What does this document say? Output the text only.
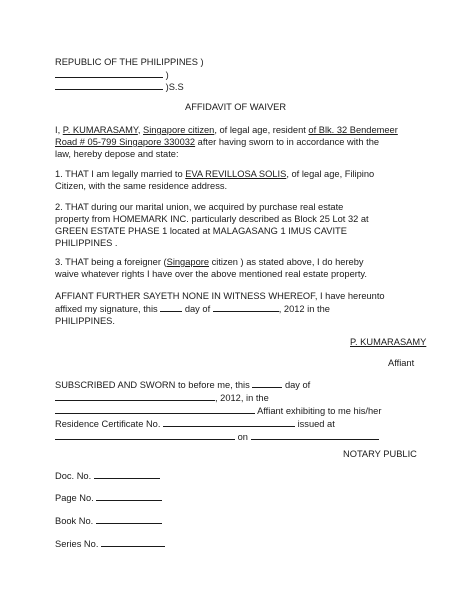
REPUBLIC OF THE PHILIPPINES )
)
)S.S
AFFIDAVIT OF WAIVER
I, P. KUMARASAMY, Singapore citizen, of legal age, resident of Blk. 32 Bendemeer
Road # 05-799 Singapore 330032 after having sworn to in accordance with the
law, hereby depose and state:
1. THAT I am legally married to EVA REVILLOSA SOLIS, of legal age, Filipino
Citizen, with the same residence address.
2. THAT during our marital union, we acquired by purchase real estate
property from HOMEMARK INC. particularly described as Block 25 Lot 32 at
GREEN ESTATE PHASE 1 located at MALAGASANG 1 IMUS CAVITE
PHILIPPINES .
3. THAT being a foreigner (Singapore citizen ) as stated above, I do hereby
waive whatever rights I have over the above mentioned real estate property.
AFFIANT FURTHER SAYETH NONE IN WITNESS WHEREOF, I have hereunto
affixed my signature, this  day of	, 2012 in the
PHILIPPINES.
P. KUMARASAMY
Affiant
SUBSCRIBED AND SWORN to before me, this	day of
, 2012, in the
Affiant exhibiting to me his/her
Residence Certificate No.	issued at
on
NOTARY PUBLIC
Doc. No.
Page No.
Book No.
Series No.
